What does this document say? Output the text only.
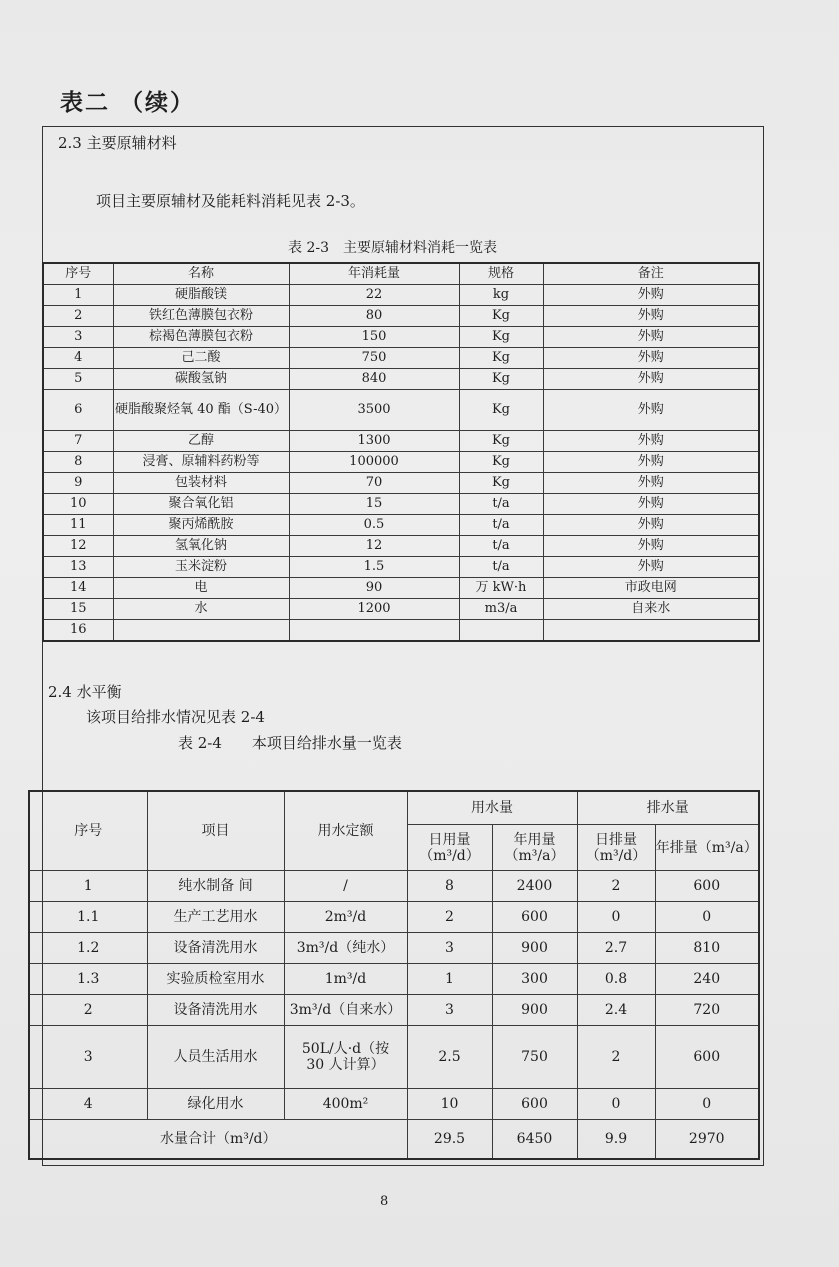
表二 （续）
2.3 主要原辅材料
项目主要原辅材及能耗料消耗见表 2-3。
表 2-3　主要原辅材料消耗一览表
序号	名称	年消耗量	规格	备注
1	硬脂酸镁	22	kg	外购
2	铁红色薄膜包衣粉	80	Kg	外购
3	棕褐色薄膜包衣粉	150	Kg	外购
4	己二酸	750	Kg	外购
5	碳酸氢钠	840	Kg	外购
6	硬脂酸聚烃氧 40 酯（S-40）	3500	Kg	外购
7	乙醇	1300	Kg	外购
8	浸膏、原辅料药粉等	100000	Kg	外购
9	包装材料	70	Kg	外购
10	聚合氧化铝	15	t/a	外购
11	聚丙烯酰胺	0.5	t/a	外购
12	氢氧化钠	12	t/a	外购
13	玉米淀粉	1.5	t/a	外购
14	电	90	万 kW·h	市政电网
15	水	1200	m3/a	自来水
16				
2.4 水平衡
该项目给排水情况见表 2-4
表 2-4　　本项目给排水量一览表
序号	项目	用水定额	用水量		排水量	
			日用量（m³/d）	年用量（m³/a）	日排量（m³/d）	年排量（m³/a）
1	纯水制备 间	/	8	2400	2	600
1.1	生产工艺用水	2m³/d	2	600	0	0
1.2	设备清洗用水	3m³/d（纯水）	3	900	2.7	810
1.3	实验质检室用水	1m³/d	1	300	0.8	240
2	设备清洗用水	3m³/d（自来水）	3	900	2.4	720
3	人员生活用水	50L/人·d（按 30 人计算）	2.5	750	2	600
4	绿化用水	400m²	10	600	0	0
水量合计（m³/d）			29.5	6450	9.9	2970
8
